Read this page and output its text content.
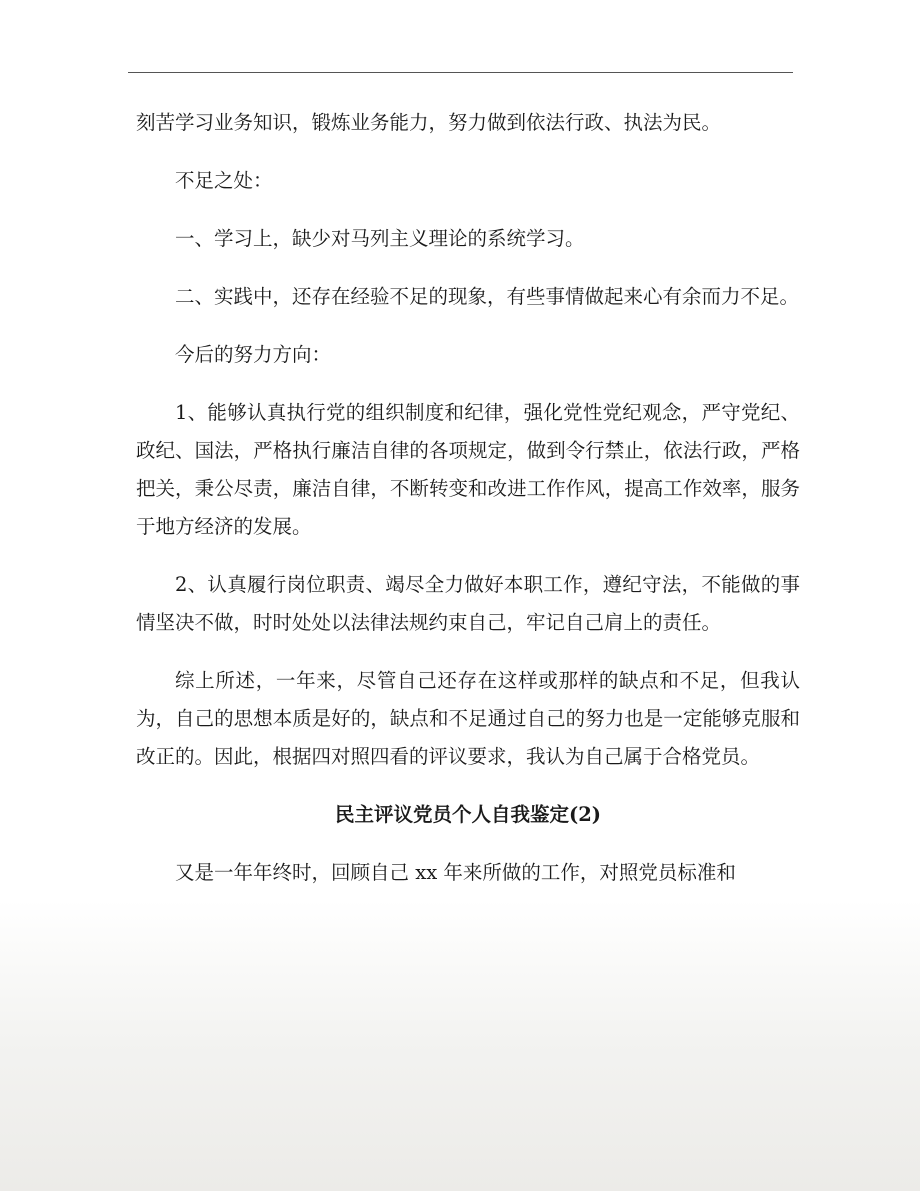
刻苦学习业务知识，锻炼业务能力，努力做到依法行政、执法为民。

不足之处：

一、学习上，缺少对马列主义理论的系统学习。

二、实践中，还存在经验不足的现象，有些事情做起来心有余而力不足。

今后的努力方向：

1、能够认真执行党的组织制度和纪律，强化党性党纪观念，严守党纪、政纪、国法，严格执行廉洁自律的各项规定，做到令行禁止，依法行政，严格把关，秉公尽责，廉洁自律，不断转变和改进工作作风，提高工作效率，服务于地方经济的发展。

2、认真履行岗位职责、竭尽全力做好本职工作，遵纪守法，不能做的事情坚决不做，时时处处以法律法规约束自己，牢记自己肩上的责任。

综上所述，一年来，尽管自己还存在这样或那样的缺点和不足，但我认为，自己的思想本质是好的，缺点和不足通过自己的努力也是一定能够克服和改正的。因此，根据四对照四看的评议要求，我认为自己属于合格党员。

民主评议党员个人自我鉴定(2)

又是一年年终时，回顾自己 xx 年来所做的工作，对照党员标准和
